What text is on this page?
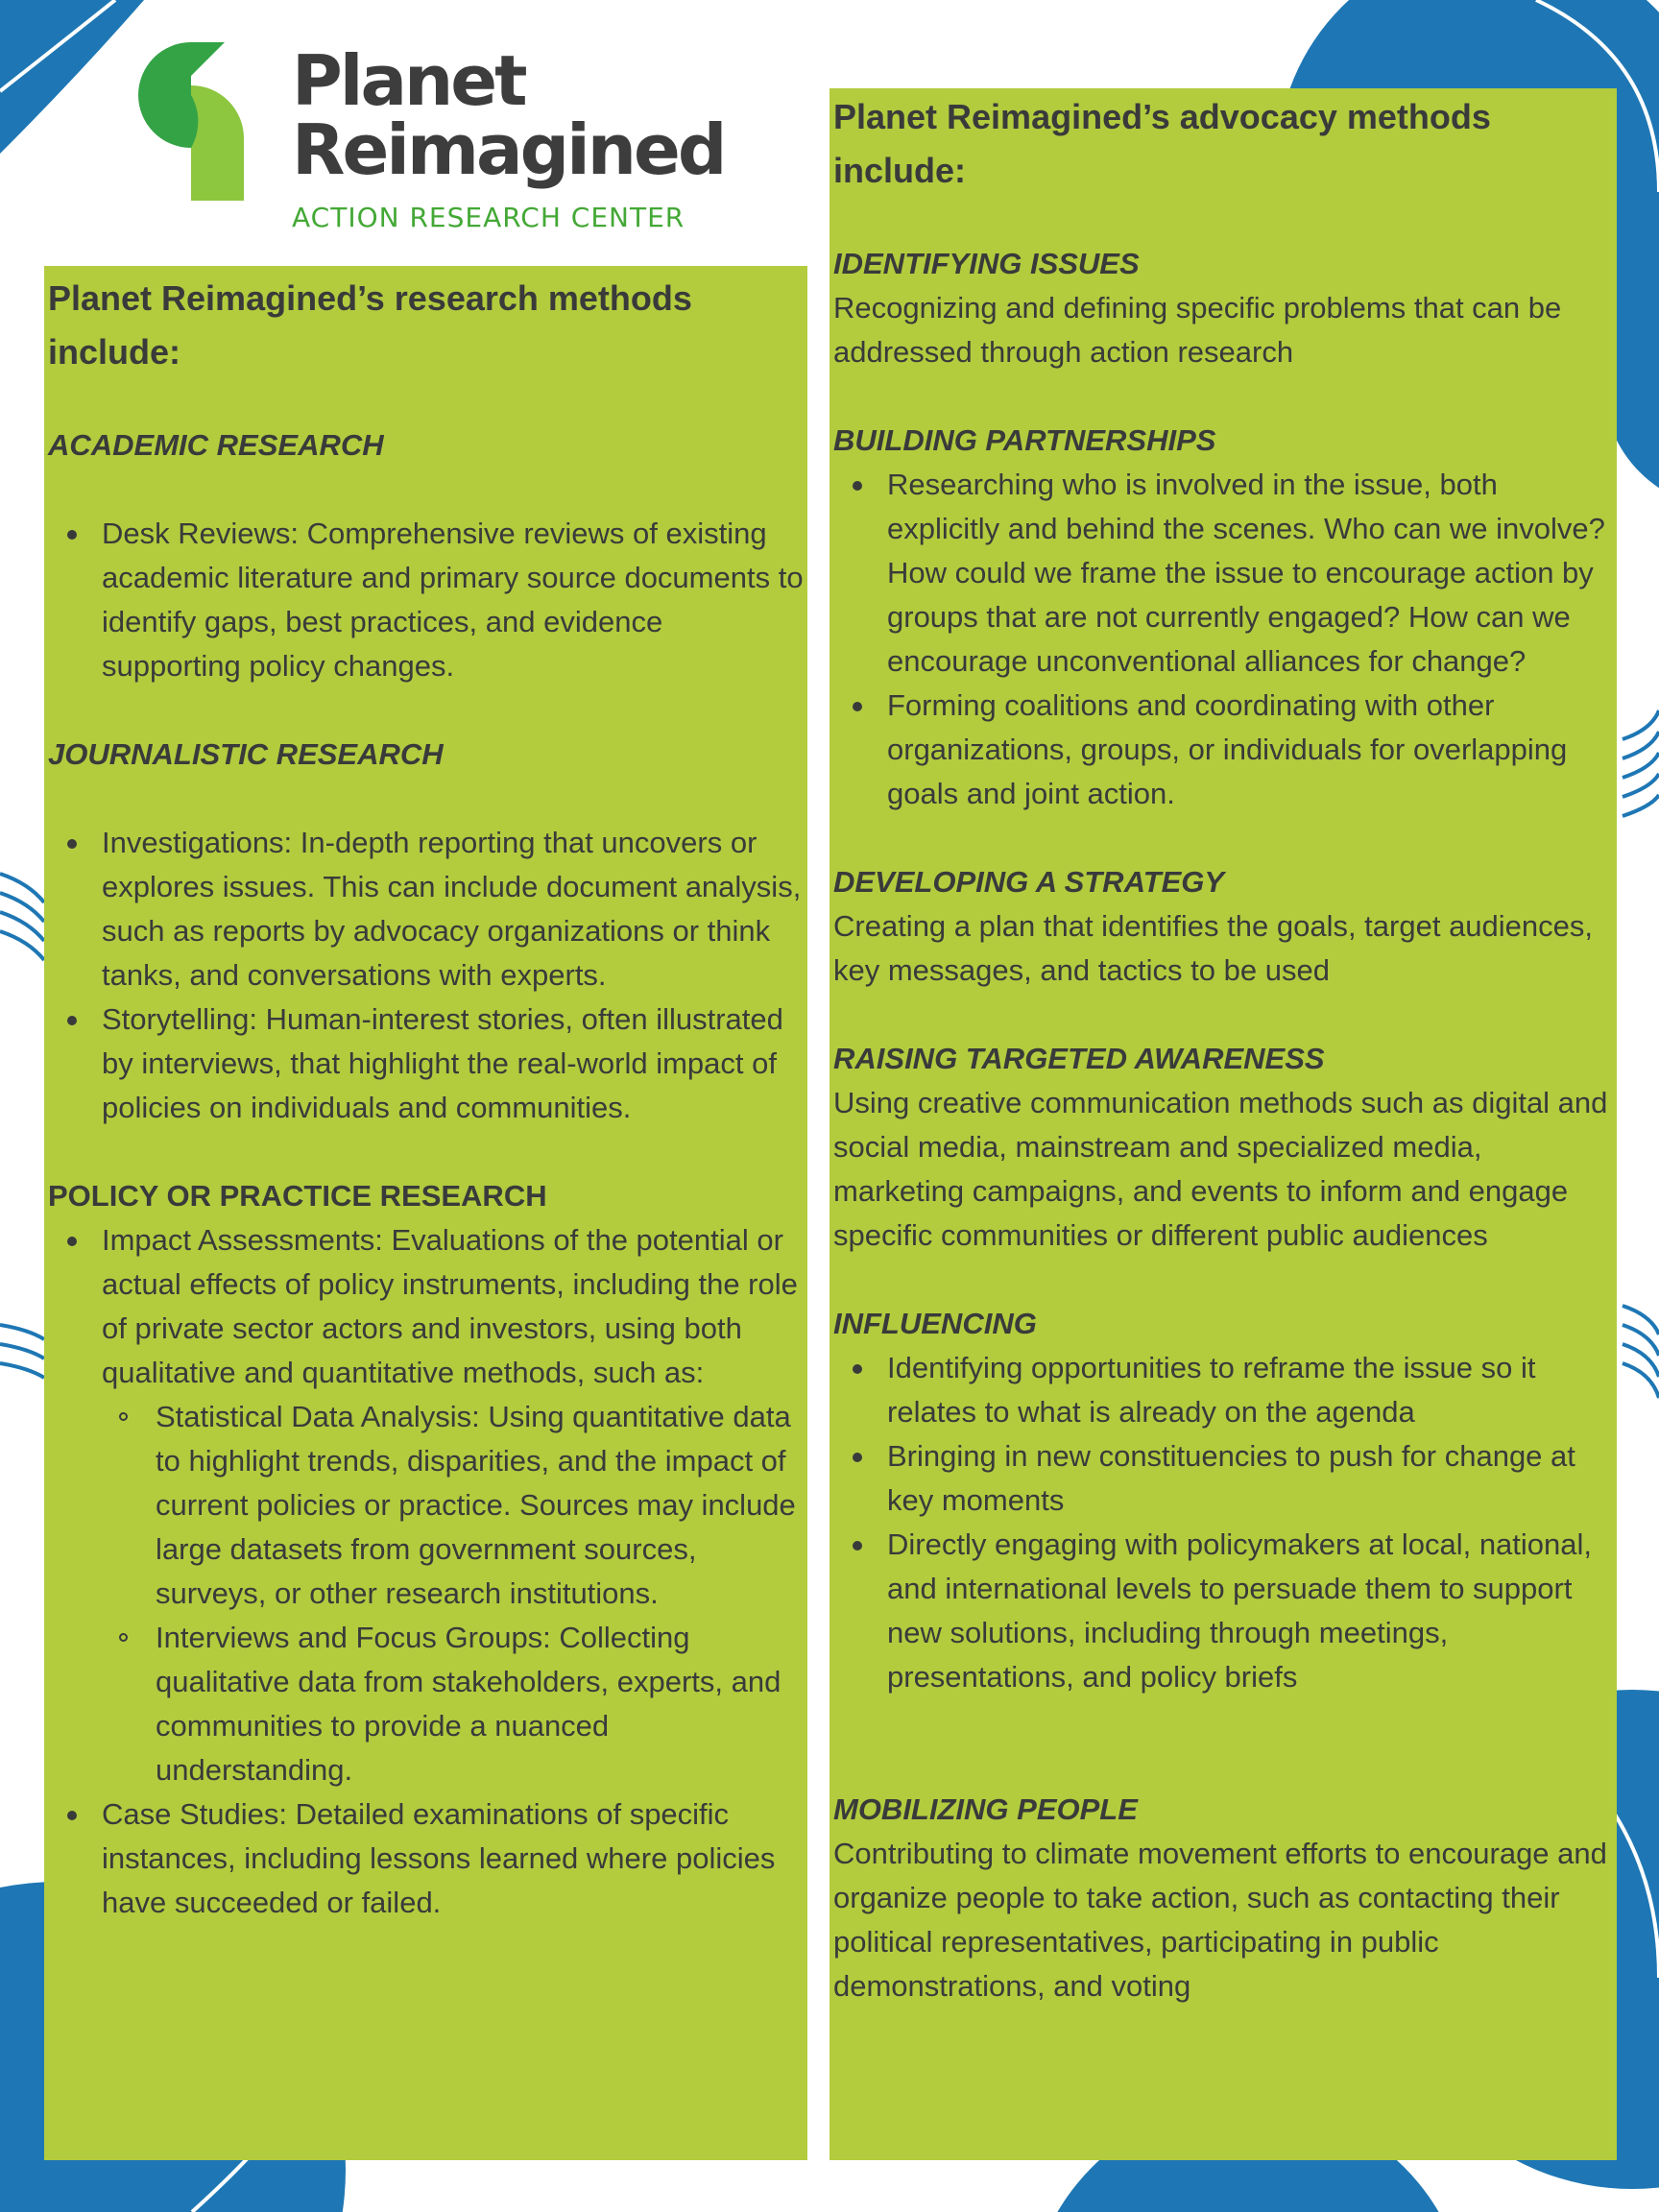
Planet
Reimagined
ACTION RESEARCH CENTER
Planet Reimagined’s research methods include:
ACADEMIC RESEARCH
Desk Reviews: Comprehensive reviews of existing academic literature and primary source documents to identify gaps, best practices, and evidence supporting policy changes.
JOURNALISTIC RESEARCH
Investigations: In-depth reporting that uncovers or explores issues. This can include document analysis, such as reports by advocacy organizations or think tanks, and conversations with experts.
Storytelling: Human-interest stories, often illustrated by interviews, that highlight the real-world impact of policies on individuals and communities.
POLICY OR PRACTICE RESEARCH
Impact Assessments: Evaluations of the potential or actual effects of policy instruments, including the role of private sector actors and investors, using both qualitative and quantitative methods, such as:
Statistical Data Analysis: Using quantitative data to highlight trends, disparities, and the impact of current policies or practice. Sources may include large datasets from government sources, surveys, or other research institutions.
Interviews and Focus Groups: Collecting qualitative data from stakeholders, experts, and communities to provide a nuanced understanding.
Case Studies: Detailed examinations of specific instances, including lessons learned where policies have succeeded or failed.
Planet Reimagined’s advocacy methods include:
IDENTIFYING ISSUES
Recognizing and defining specific problems that can be addressed through action research
BUILDING PARTNERSHIPS
Researching who is involved in the issue, both explicitly and behind the scenes. Who can we involve? How could we frame the issue to encourage action by groups that are not currently engaged? How can we encourage unconventional alliances for change?
Forming coalitions and coordinating with other organizations, groups, or individuals for overlapping goals and joint action.
DEVELOPING A STRATEGY
Creating a plan that identifies the goals, target audiences, key messages, and tactics to be used
RAISING TARGETED AWARENESS
Using creative communication methods such as digital and social media, mainstream and specialized media, marketing campaigns, and events to inform and engage specific communities or different public audiences
INFLUENCING
Identifying opportunities to reframe the issue so it relates to what is already on the agenda
Bringing in new constituencies to push for change at key moments
Directly engaging with policymakers at local, national, and international levels to persuade them to support new solutions, including through meetings, presentations, and policy briefs
MOBILIZING PEOPLE
Contributing to climate movement efforts to encourage and organize people to take action, such as contacting their political representatives, participating in public demonstrations, and voting
